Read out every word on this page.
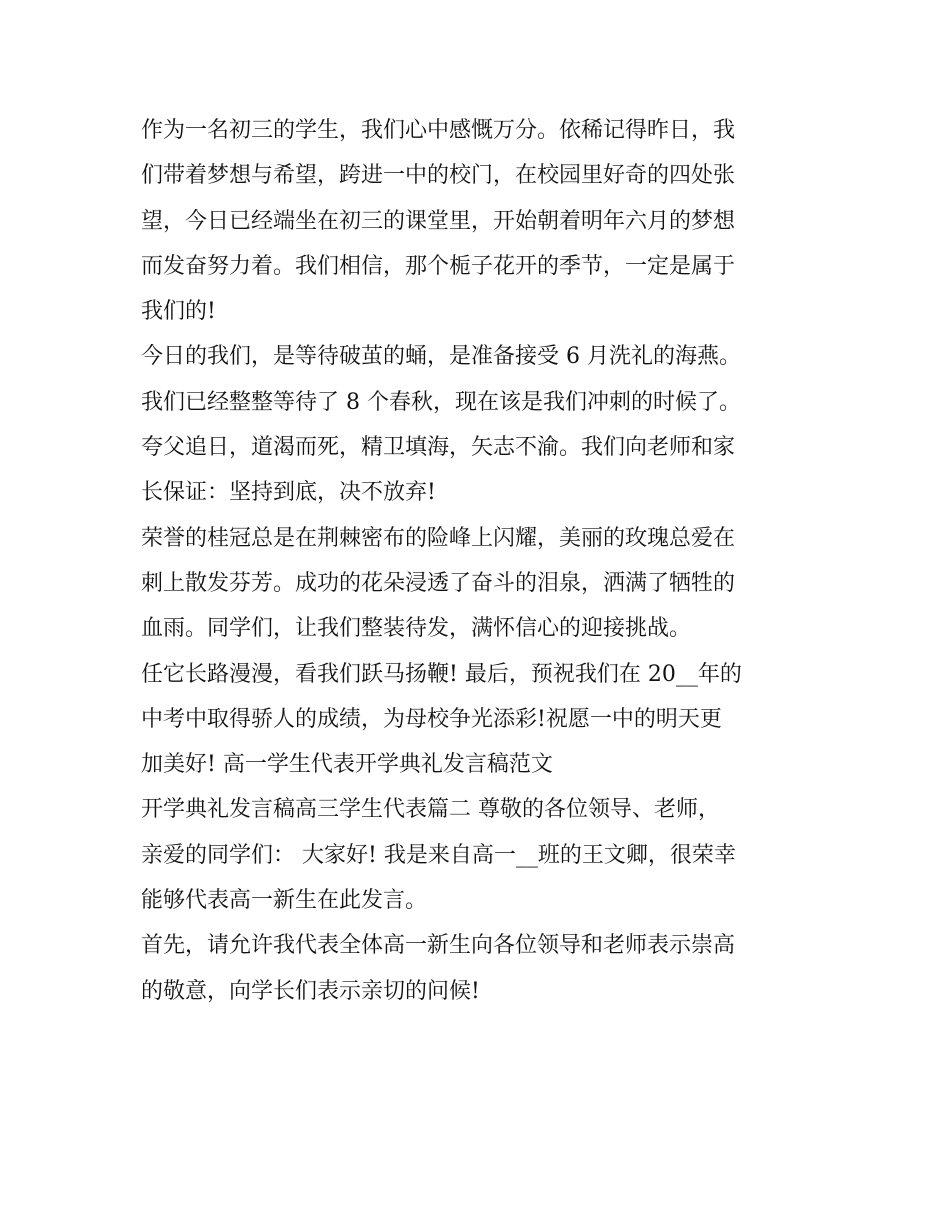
作为一名初三的学生，我们心中感慨万分。依稀记得昨日，我
们带着梦想与希望，跨进一中的校门，在校园里好奇的四处张
望，今日已经端坐在初三的课堂里，开始朝着明年六月的梦想
而发奋努力着。我们相信，那个栀子花开的季节，一定是属于
我们的!
今日的我们，是等待破茧的蛹，是准备接受 6 月洗礼的海燕。
我们已经整整等待了 8 个春秋，现在该是我们冲刺的时候了。
夸父追日，道渴而死，精卫填海，矢志不渝。我们向老师和家
长保证：坚持到底，决不放弃!
荣誉的桂冠总是在荆棘密布的险峰上闪耀，美丽的玫瑰总爱在
刺上散发芬芳。成功的花朵浸透了奋斗的泪泉，洒满了牺牲的
血雨。同学们，让我们整装待发，满怀信心的迎接挑战。
任它长路漫漫，看我们跃马扬鞭! 最后，预祝我们在 20__年的
中考中取得骄人的成绩，为母校争光添彩!祝愿一中的明天更
加美好! 高一学生代表开学典礼发言稿范文
开学典礼发言稿高三学生代表篇二 尊敬的各位领导、老师，
亲爱的同学们： 大家好! 我是来自高一__班的王文卿，很荣幸
能够代表高一新生在此发言。
首先，请允许我代表全体高一新生向各位领导和老师表示崇高
的敬意，向学长们表示亲切的问候!
